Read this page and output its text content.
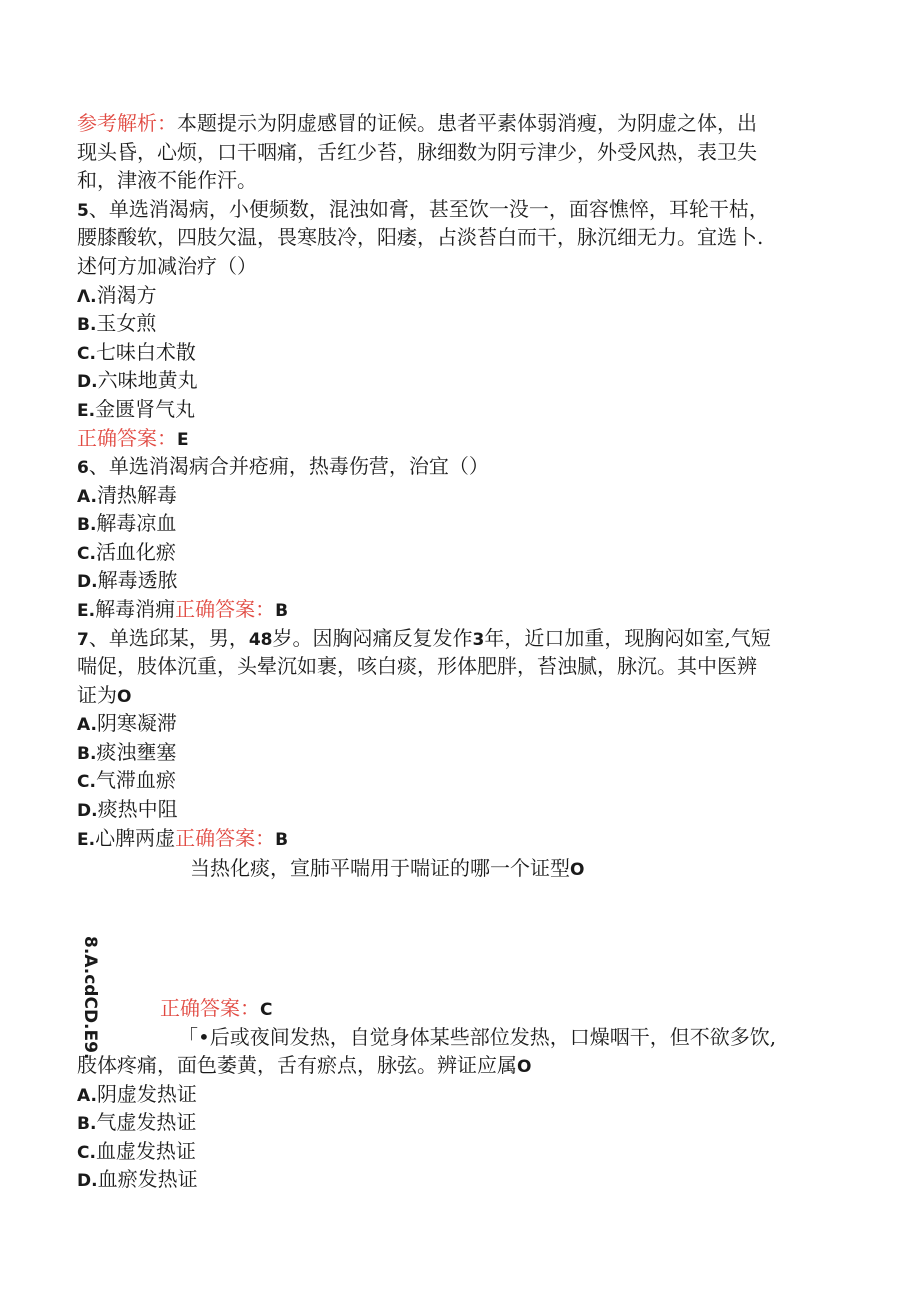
参考解析：本题提示为阴虚感冒的证候。患者平素体弱消瘦，为阴虚之体，出
现头昏，心烦，口干咽痛，舌红少苔，脉细数为阴亏津少，外受风热，表卫失
和，津液不能作汗。
5、单选消渴病，小便频数，混浊如膏，甚至饮一没一，面容憔悴，耳轮干枯，
腰膝酸软，四肢欠温，畏寒肢冷，阳痿，占淡苔白而干，脉沉细无力。宜选卜.
述何方加减治疗（）
Λ.消渴方
B.玉女煎
C.七味白术散
D.六味地黄丸
E.金匮肾气丸
正确答案：E
6、单选消渴病合并疮痈，热毒伤营，治宜（）
A.清热解毒
B.解毒凉血
C.活血化瘀
D.解毒透脓
E.解毒消痈正确答案：B
7、单选邱某，男，48岁。因胸闷痛反复发作3年，近口加重，现胸闷如室,气短
喘促，肢体沉重，头晕沉如裹，咳白痰，形体肥胖，苔浊腻，脉沉。其中医辨
证为O
A.阴寒凝滞
B.痰浊壅塞
C.气滞血瘀
D.痰热中阻
E.心脾两虚正确答案：B
当热化痰，宣肺平喘用于喘证的哪一个证型O
8.A.cdCD.E9.	正确答案：C
「•后或夜间发热，自觉身体某些部位发热，口燥咽干，但不欲多饮,
肢体疼痛，面色萎黄，舌有瘀点，脉弦。辨证应属O
A.阴虚发热证
B.气虚发热证
C.血虚发热证
D.血瘀发热证
